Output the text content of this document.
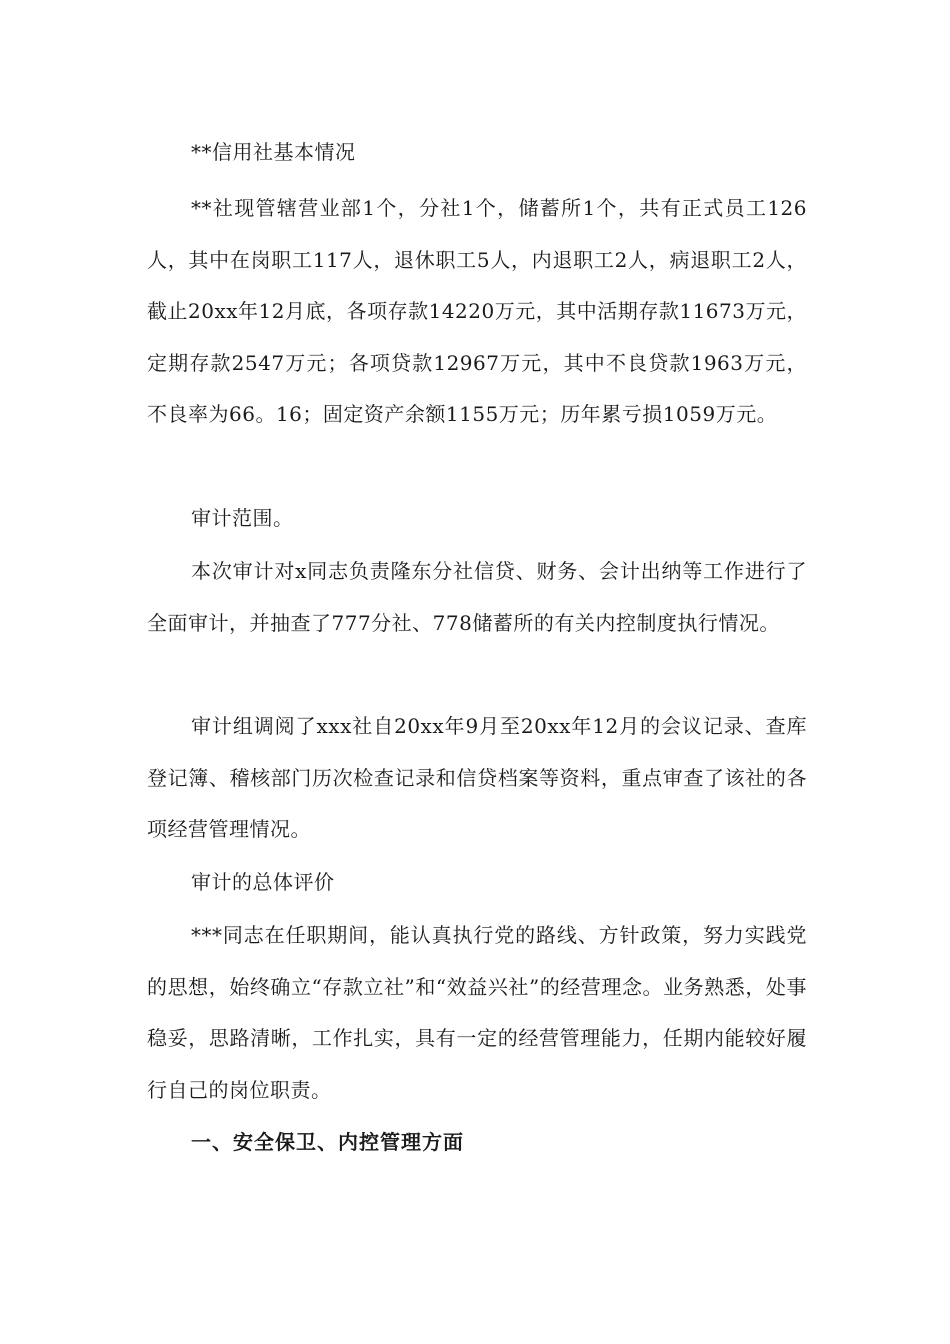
**信用社基本情况

**社现管辖营业部1个，分社1个，储蓄所1个，共有正式员工126人，其中在岗职工117人，退休职工5人，内退职工2人，病退职工2人，截止20xx年12月底，各项存款14220万元，其中活期存款11673万元，定期存款2547万元；各项贷款12967万元，其中不良贷款1963万元，不良率为66。16；固定资产余额1155万元；历年累亏损1059万元。

审计范围。

本次审计对x同志负责隆东分社信贷、财务、会计出纳等工作进行了全面审计，并抽查了777分社、778储蓄所的有关内控制度执行情况。

审计组调阅了xxx社自20xx年9月至20xx年12月的会议记录、查库登记簿、稽核部门历次检查记录和信贷档案等资料，重点审查了该社的各项经营管理情况。

审计的总体评价

***同志在任职期间，能认真执行党的路线、方针政策，努力实践党的思想，始终确立“存款立社”和“效益兴社”的经营理念。业务熟悉，处事稳妥，思路清晰，工作扎实，具有一定的经营管理能力，任期内能较好履行自己的岗位职责。

一、安全保卫、内控管理方面
